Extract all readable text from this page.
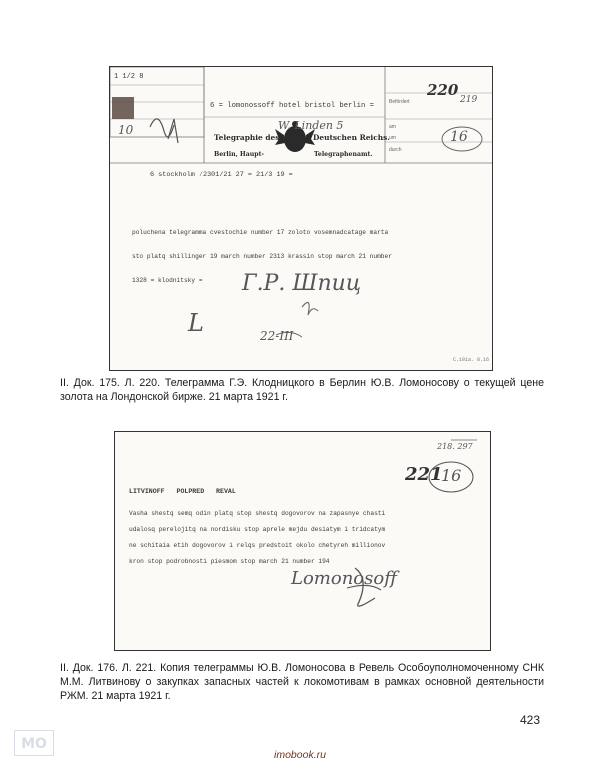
6 = lomonossoff hotel bristol berlin =
W. Linden 5
220
219
16
1 1/2 8
10
Telegraphie des	Deutschen Reichs.
Berlin, Haupt-	Telegraphenamt.
Befördert
am
um
durch
6 stockholm ⁄2301/21 27 = 21/3 19 =
poluchena telegramma cvestochie number 17 zoloto vosemnadcatage marta
sto platq shillinger 19 march number 2313 krassin stop march 21 number
1328 = klodnitsky = Г.Р. Шпиц
L	22-III
C.101a. 8.16
II. Док. 175. Л. 220. Телеграмма Г.Э. Клодницкого в Берлин Ю.В. Ломоносову о текущей цене золота на Лондонской бирже. 21 марта 1921 г.
221
218. 297
16
LITVINOFF   POLPRED   REVAL
Vasha shestq semq odin platq stop shestq dogovorov na zapasnye chasti
udalosq perelojitq na nordisku stop aprele mejdu desiatym i tridcatym
ne schitaia etih dogovorov i relqs predstoit okolo chetyreh millionov
kron stop podrobnosti piesmom stop march 21 number 194
Lomonosoff
II. Док. 176. Л. 221. Копия телеграммы Ю.В. Ломоносова в Ревель Особоуполномоченному СНК М.М. Литвинову о закупках запасных частей к локомотивам в рамках основной деятельности РЖМ. 21 марта 1921 г.
423
МО
imobook.ru
